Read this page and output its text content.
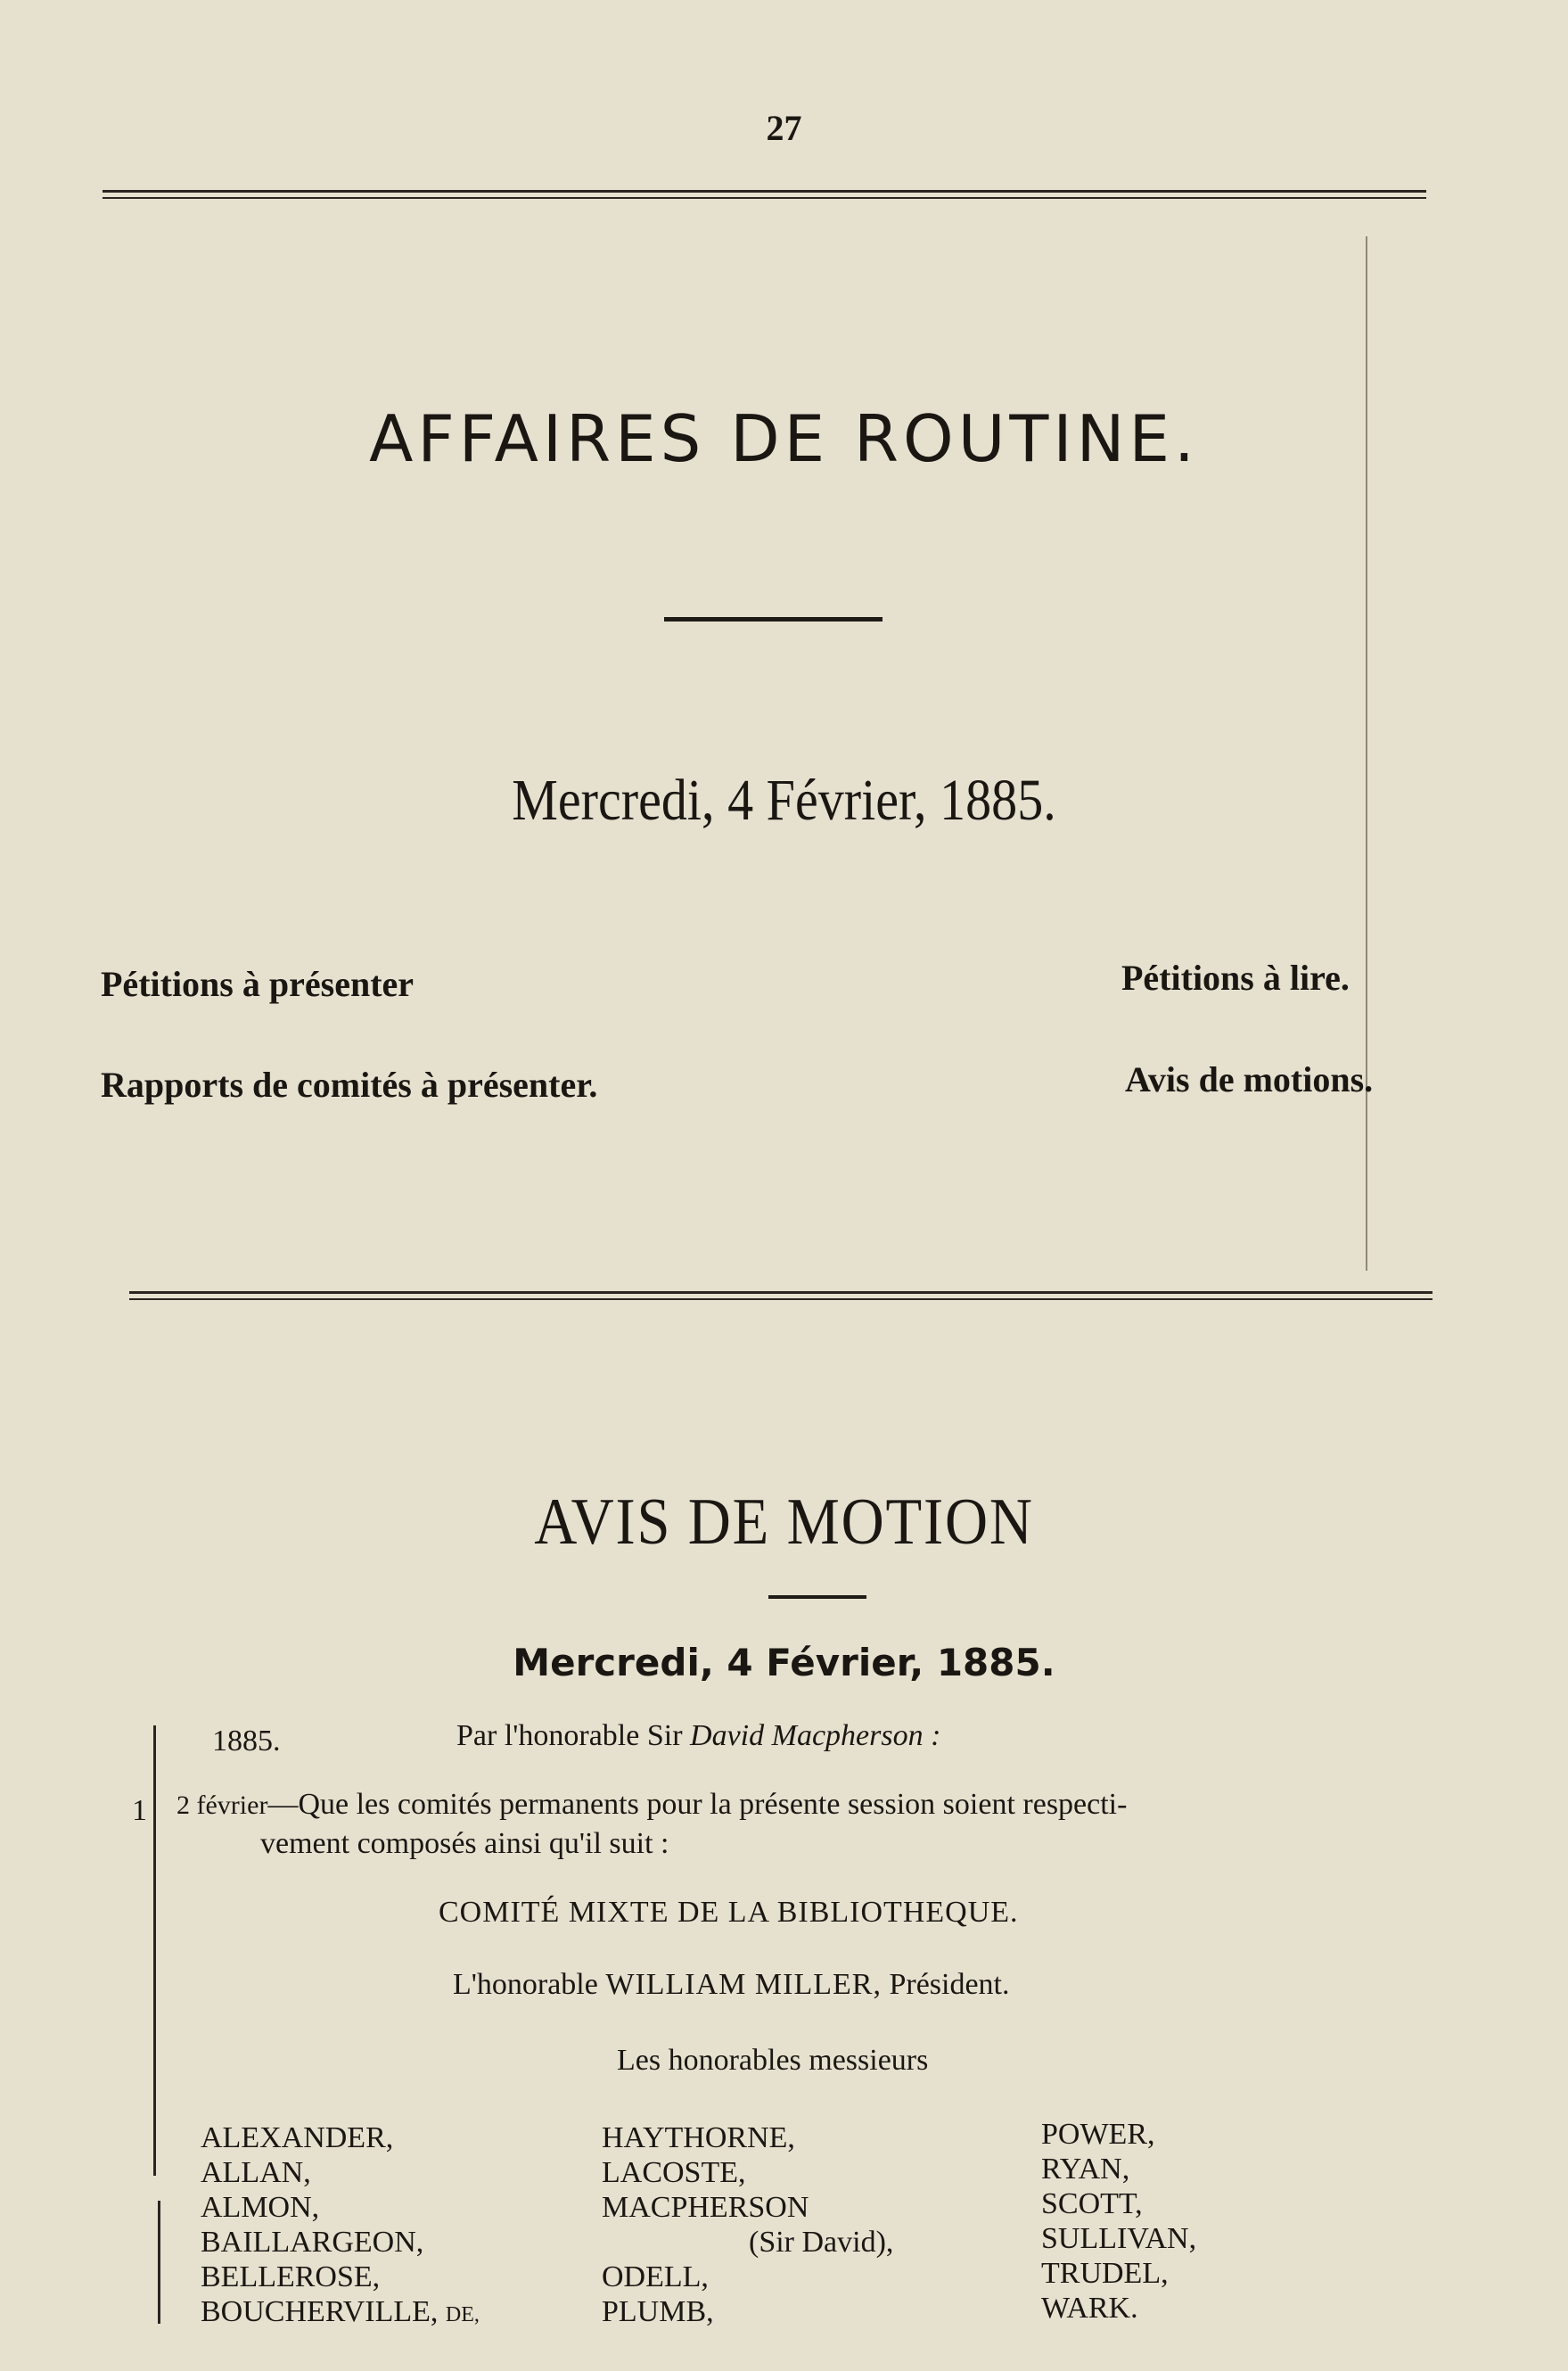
27
AFFAIRES DE ROUTINE.
Mercredi, 4 Février, 1885.
Pétitions à présenter	Pétitions à lire.
Rapports de comités à présenter.	Avis de motions.
AVIS DE MOTION
Mercredi, 4 Février, 1885.
1885.	Par l'honorable Sir David Macpherson :
1 2 février—Que les comités permanents pour la présente session soient respecti-
vement composés ainsi qu'il suit :
COMITÉ MIXTE DE LA BIBLIOTHEQUE.
L'honorable WILLIAM MILLER, Président.
Les honorables messieurs
ALEXANDER,
ALLAN,
ALMON,
BAILLARGEON,
BELLEROSE,
BOUCHERVILLE, DE,
HAYTHORNE,
LACOSTE,
MACPHERSON
(Sir David),
ODELL,
PLUMB,
POWER,
RYAN,
SCOTT,
SULLIVAN,
TRUDEL,
WARK.
